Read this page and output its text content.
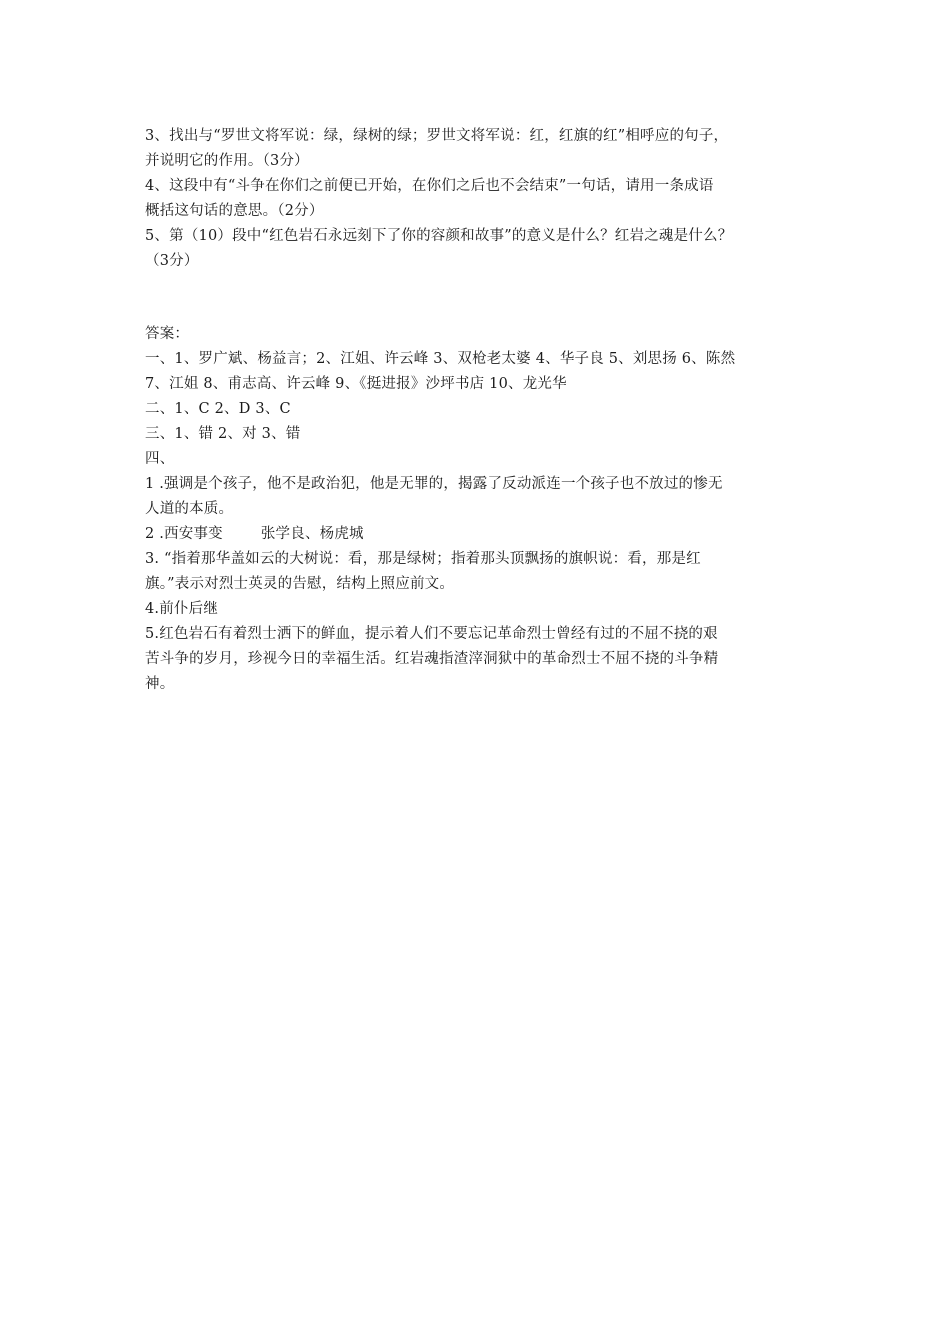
3、找出与“罗世文将军说：绿，绿树的绿；罗世文将军说：红，红旗的红”相呼应的句子，
并说明它的作用。（3分）
4、这段中有“斗争在你们之前便已开始，在你们之后也不会结束”一句话，请用一条成语
概括这句话的意思。（2分）
5、第（10）段中“红色岩石永远刻下了你的容颜和故事”的意义是什么？红岩之魂是什么？
（3分）
答案：
一、1、罗广斌、杨益言；2、江姐、许云峰 3、双枪老太婆 4、华子良 5、刘思扬 6、陈然
7、江姐 8、甫志高、许云峰 9、《挺进报》沙坪书店 10、龙光华
二、1、C 2、D 3、C
三、1、错 2、对 3、错
四、
1 .强调是个孩子，他不是政治犯，他是无罪的，揭露了反动派连一个孩子也不放过的惨无
人道的本质。
2 .西安事变	张学良、杨虎城
3. “指着那华盖如云的大树说：看，那是绿树；指着那头顶飘扬的旗帜说：看，那是红
旗。”表示对烈士英灵的告慰，结构上照应前文。
4.前仆后继
5.红色岩石有着烈士洒下的鲜血，提示着人们不要忘记革命烈士曾经有过的不屈不挠的艰
苦斗争的岁月，珍视今日的幸福生活。红岩魂指渣滓洞狱中的革命烈士不屈不挠的斗争精
神。
